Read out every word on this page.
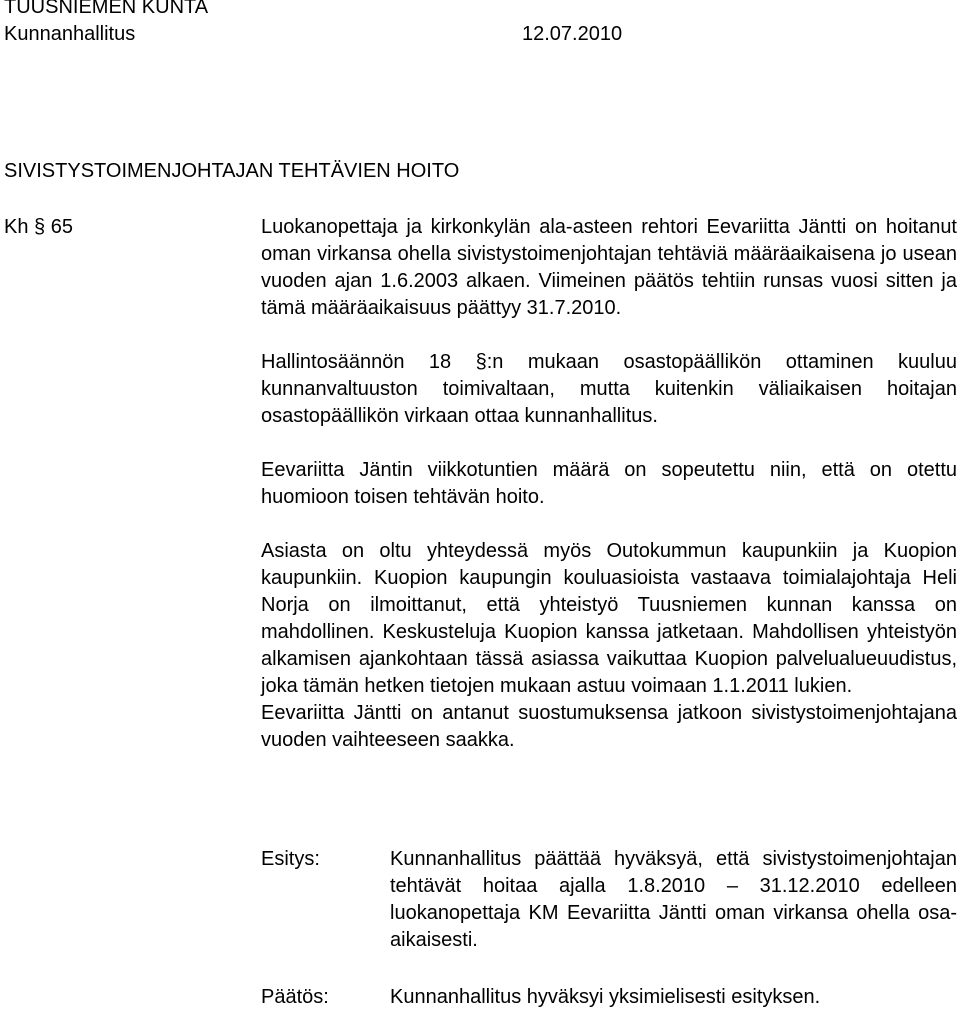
TUUSNIEMEN KUNTA
Kunnanhallitus	12.07.2010
SIVISTYSTOIMENJOHTAJAN TEHTÄVIEN HOITO
Kh § 65	Luokanopettaja ja kirkonkylän ala-asteen rehtori Eevariitta Jäntti on hoitanut oman virkansa ohella sivistystoimenjohtajan tehtäviä määräaikaisena jo usean vuoden ajan 1.6.2003 alkaen. Viimeinen päätös tehtiin runsas vuosi sitten ja tämä määräaikaisuus päättyy 31.7.2010.

Hallintosäännön 18 §:n mukaan osastopäällikön ottaminen kuuluu kunnanvaltuuston toimivaltaan, mutta kuitenkin väliaikaisen hoitajan osastopäällikön virkaan ottaa kunnanhallitus.

Eevariitta Jäntin viikkotuntien määrä on sopeutettu niin, että on otettu huomioon toisen tehtävän hoito.

Asiasta on oltu yhteydessä myös Outokummun kaupunkiin ja Kuopion kaupunkiin. Kuopion kaupungin kouluasioista vastaava toimialajohtaja Heli Norja on ilmoittanut, että yhteistyö Tuusniemen kunnan kanssa on mahdollinen. Keskusteluja Kuopion kanssa jatketaan. Mahdollisen yhteistyön alkamisen ajankohtaan tässä asiassa vaikuttaa Kuopion palvelualueuudistus, joka tämän hetken tietojen mukaan astuu voimaan 1.1.2011 lukien.

Eevariitta Jäntti on antanut suostumuksensa jatkoon sivistystoimenjohtajana vuoden vaihteeseen saakka.

Esitys:	Kunnanhallitus päättää hyväksyä, että sivistystoimenjohtajan tehtävät hoitaa ajalla 1.8.2010 – 31.12.2010 edelleen luokanopettaja KM Eevariitta Jäntti oman virkansa ohella osa-aikaisesti.

Päätös:	Kunnanhallitus hyväksyi yksimielisesti esityksen.
